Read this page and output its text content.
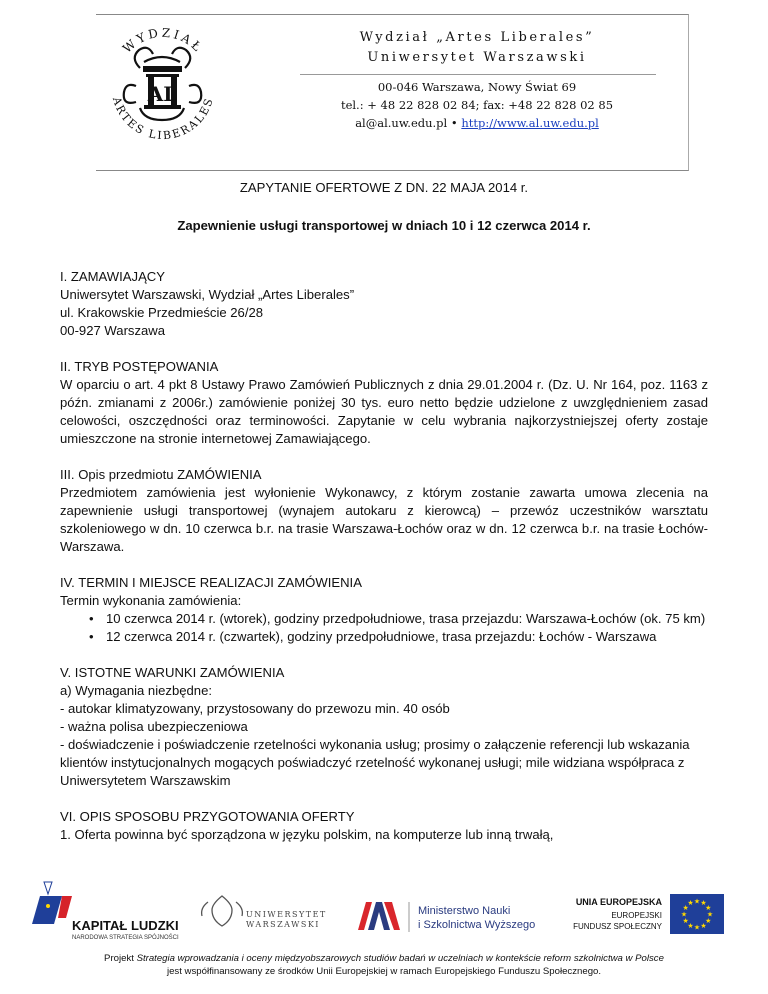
WYDZIAŁ
ARTES LIBERALES
AL
Wydział „Artes Liberales”
Uniwersytet Warszawski
00-046 Warszawa, Nowy Świat 69
tel.: + 48 22 828 02 84; fax: +48 22 828 02 85
al@al.uw.edu.pl • http://www.al.uw.edu.pl

ZAPYTANIE OFERTOWE Z DN. 22 MAJA 2014 r.

Zapewnienie usługi transportowej w dniach 10 i 12 czerwca 2014 r.

I. ZAMAWIAJĄCY

Uniwersytet Warszawski, Wydział „Artes Liberales”

ul. Krakowskie Przedmieście 26/28

00-927 Warszawa

II. TRYB POSTĘPOWANIA

W oparciu o art. 4 pkt 8 Ustawy Prawo Zamówień Publicznych z dnia 29.01.2004 r. (Dz. U. Nr 164, poz. 1163 z późn. zmianami z 2006r.) zamówienie poniżej 30 tys. euro netto będzie udzielone z uwzględnieniem zasad celowości, oszczędności oraz terminowości. Zapytanie w celu wybrania najkorzystniejszej oferty zostaje umieszczone na stronie internetowej Zamawiającego.

III. Opis przedmiotu ZAMÓWIENIA

Przedmiotem zamówienia jest wyłonienie Wykonawcy, z którym zostanie zawarta umowa zlecenia na zapewnienie usługi transportowej (wynajem autokaru z kierowcą) – przewóz uczestników warsztatu szkoleniowego w dn. 10 czerwca b.r. na trasie Warszawa-Łochów oraz w dn. 12 czerwca b.r. na trasie Łochów-Warszawa.

IV. TERMIN I MIEJSCE REALIZACJI ZAMÓWIENIA

Termin wykonania zamówienia:

• 10 czerwca 2014 r. (wtorek), godziny przedpołudniowe, trasa przejazdu: Warszawa-Łochów (ok. 75 km)
• 12 czerwca 2014 r. (czwartek), godziny przedpołudniowe, trasa przejazdu: Łochów - Warszawa

V. ISTOTNE WARUNKI ZAMÓWIENIA

a) Wymagania niezbędne:

- autokar klimatyzowany, przystosowany do przewozu min. 40 osób

- ważna polisa ubezpieczeniowa

- doświadczenie i poświadczenie rzetelności wykonania usług; prosimy o załączenie referencji lub wskazania klientów instytucjonalnych mogących poświadczyć rzetelność wykonanej usługi; mile widziana współpraca z Uniwersytetem Warszawskim

VI. OPIS SPOSOBU PRZYGOTOWANIA OFERTY

1. Oferta powinna być sporządzona w języku polskim, na komputerze lub inną trwałą,

KAPITAŁ LUDZKI
NARODOWA STRATEGIA SPÓJNOŚCI
UNIWERSYTET
WARSZAWSKI
Ministerstwo Nauki
i Szkolnictwa Wyższego
UNIA EUROPEJSKA
EUROPEJSKI
FUNDUSZ SPOŁECZNY
★
★
★
★
★
★
★
★
★ ★ ★
★
Projekt Strategia wprowadzania i oceny międzyobszarowych studiów badań w uczelniach w kontekście reform szkolnictwa w Polsce
jest współfinansowany ze środków Unii Europejskiej w ramach Europejskiego Funduszu Społecznego.
